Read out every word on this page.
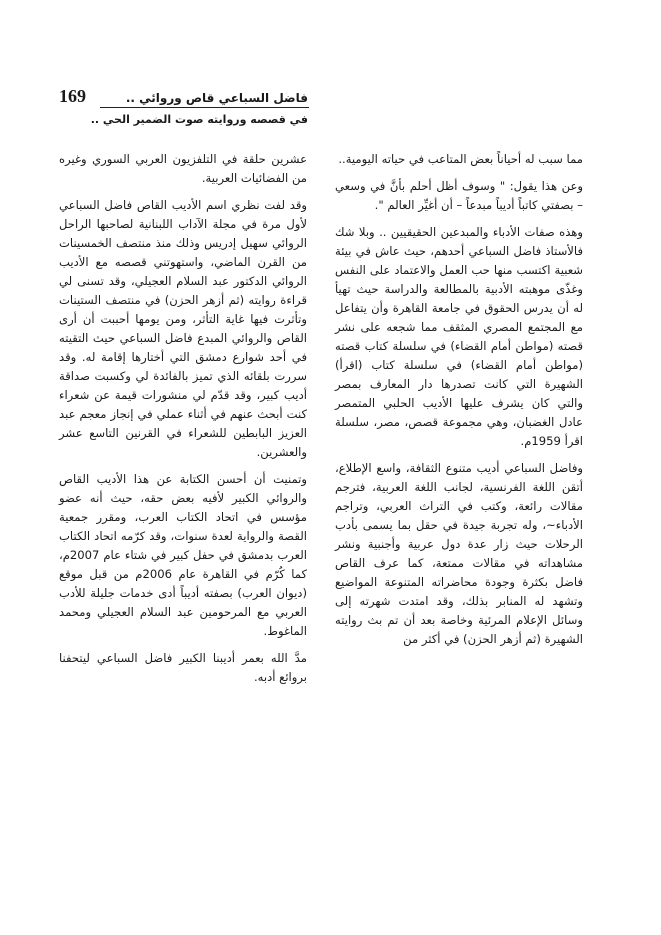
169	فاضل السباعي قاص وروائي ..
في قصصه وروايته صوت الضمير الحي ..

مما سبب له أحياناً بعض المتاعب في حياته اليومية..

وعن هذا يقول: " وسوف أظل أحلم بأنَّ في وسعي – بصفتي كاتباً أديباً مبدعاً – أن أغيِّر العالم ".

وهذه صفات الأدباء والمبدعين الحقيقيين .. وبلا شك فالأستاذ فاضل السباعي أحدهم، حيث عاش في بيئة شعبية اكتسب منها حب العمل والاعتماد على النفس وغذّى موهبته الأدبية بالمطالعة والدراسة حيث تهيأ له أن يدرس الحقوق في جامعة القاهرة وأن يتفاعل مع المجتمع المصري المثقف مما شجعه على نشر قصته (مواطن أمام القضاء) في سلسلة كتاب قصته (مواطن أمام القضاء) في سلسلة كتاب (اقرأ) الشهيرة التي كانت تصدرها دار المعارف بمصر والتي كان يشرف عليها الأديب الحلبي المتمصر عادل الغضبان، وهي مجموعة قصص، مصر، سلسلة اقرأ 1959م.

وفاضل السباعي أديب متنوع الثقافة، واسع الإطلاع، أتقن اللغة الفرنسية، لجانب اللغة العربية، فترجم مقالات رائعة، وكتب في التراث العربي، وتراجم الأدباء~، وله تجربة جيدة في حقل بما يسمى بأدب الرحلات حيث زار عدة دول عربية وأجنبية ونشر مشاهداته في مقالات ممتعة، كما عرف القاص فاضل بكثرة وجودة محاضراته المتنوعة المواضيع وتشهد له المنابر بذلك، وقد امتدت شهرته إلى وسائل الإعلام المرئية وخاصة بعد أن تم بث روايته الشهيرة (ثم أزهر الحزن) في أكثر من

عشرين حلقة في التلفزيون العربي السوري وغيره من الفضائيات العربية.

وقد لفت نظري اسم الأديب القاص فاضل السباعي لأول مرة في مجلة الآداب اللبنانية لصاحبها الراحل الروائي سهيل إدريس وذلك منذ منتصف الخمسينات من القرن الماضي، واستهوتني قصصه مع الأديب الروائي الدكتور عبد السلام العجيلي، وقد تسنى لي قراءة روايته (ثم أزهر الحزن) في منتصف الستينات وتأثرت فيها غاية التأثر، ومن يومها أحببت أن أرى القاص والروائي المبدع فاضل السباعي حيث التقيته في أحد شوارع دمشق التي أختارها إقامة له. وقد سررت بلقائه الذي تميز بالفائدة لي وكسبت صداقة أديب كبير، وقد قدّم لي منشورات قيمة عن شعراء كنت أبحث عنهم في أثناء عملي في إنجاز معجم عبد العزيز البابطين للشعراء في القرنين التاسع عشر والعشرين.

وتمنيت أن أحسن الكتابة عن هذا الأديب القاص والروائي الكبير لأفيه بعض حقه، حيث أنه عضو مؤسس في اتحاد الكتاب العرب، ومقرر جمعية القصة والرواية لعدة سنوات، وقد كرّمه اتحاد الكتاب العرب بدمشق في حفل كبير في شتاء عام 2007م، كما كُرّم في القاهرة عام 2006م من قبل موقع (ديوان العرب) بصفته أديباً أدى خدمات جليلة للأدب العربي مع المرحومين عبد السلام العجيلي ومحمد الماغوط.

مدَّ الله بعمر أديبنا الكبير فاضل السباعي ليتحفنا بروائع أدبه.
